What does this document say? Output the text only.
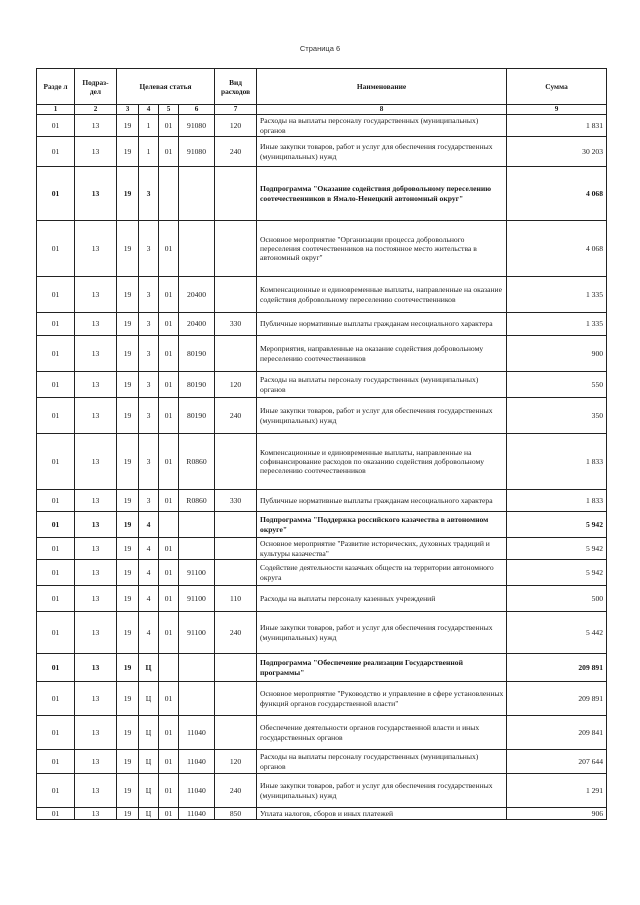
Страница 6
Разде л	Подраз- дел	Целевая статья				Вид расходов	Наименование	Сумма
1	2	3	4	5	6	7	8	9
01	13	19	1	01	91080	120	Расходы на выплаты персоналу государственных (муниципальных) органов	1 831
01	13	19	1	01	91080	240	Иные закупки товаров, работ и услуг для обеспечения государственных (муниципальных) нужд	30 203
01	13	19	3				Подпрограмма "Оказание содействия добровольному переселению соотечественников в Ямало-Ненецкий автономный округ"	4 068
01	13	19	3	01			Основное мероприятие "Организации процесса добровольного переселения соотечественников на постоянное место жительства в автономный округ"	4 068
01	13	19	3	01	20400		Компенсационные и единовременные выплаты, направленные на оказание содействия добровольному переселению соотечественников	1 335
01	13	19	3	01	20400	330	Публичные нормативные выплаты гражданам несоциального характера	1 335
01	13	19	3	01	80190		Мероприятия, направленные на оказание содействия добровольному переселению соотечественников	900
01	13	19	3	01	80190	120	Расходы на выплаты персоналу государственных (муниципальных) органов	550
01	13	19	3	01	80190	240	Иные закупки товаров, работ и услуг для обеспечения государственных (муниципальных) нужд	350
01	13	19	3	01	R0860		Компенсационные и единовременные выплаты, направленные на софинансирование расходов по оказанию содействия добровольному переселению соотечественников	1 833
01	13	19	3	01	R0860	330	Публичные нормативные выплаты гражданам несоциального характера	1 833
01	13	19	4				Подпрограмма "Поддержка российского казачества в автономном округе"	5 942
01	13	19	4	01			Основное мероприятие "Развитие исторических, духовных традиций и культуры казачества"	5 942
01	13	19	4	01	91100		Содействие деятельности казачьих обществ на территории автономного округа	5 942
01	13	19	4	01	91100	110	Расходы на выплаты персоналу казенных учреждений	500
01	13	19	4	01	91100	240	Иные закупки товаров, работ и услуг для обеспечения государственных (муниципальных) нужд	5 442
01	13	19	Ц				Подпрограмма "Обеспечение реализации Государственной программы"	209 891
01	13	19	Ц	01			Основное мероприятие "Руководство и управление в сфере установленных функций органов государственной власти"	209 891
01	13	19	Ц	01	11040		Обеспечение деятельности органов государственной власти и иных государственных органов	209 841
01	13	19	Ц	01	11040	120	Расходы на выплаты персоналу государственных (муниципальных) органов	207 644
01	13	19	Ц	01	11040	240	Иные закупки товаров, работ и услуг для обеспечения государственных (муниципальных) нужд	1 291
01	13	19	Ц	01	11040	850	Уплата налогов, сборов и иных платежей	906
